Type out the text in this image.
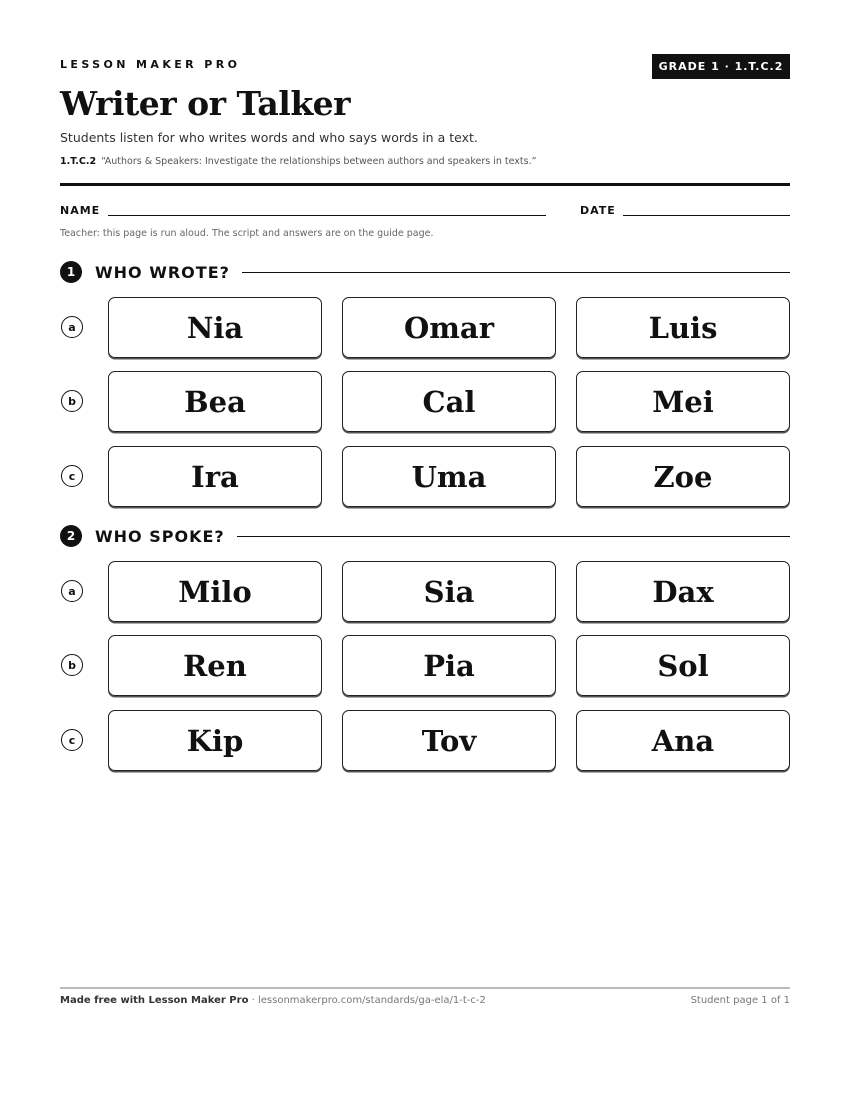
LESSON MAKER PRO	GRADE 1 · 1.T.C.2
Writer or Talker
Students listen for who writes words and who says words in a text.
1.T.C.2 “Authors & Speakers: Investigate the relationships between authors and speakers in texts.”
NAME	DATE
Teacher: this page is run aloud. The script and answers are on the guide page.
1	WHO WROTE?
a	Nia	Omar	Luis
b	Bea	Cal	Mei
c	Ira	Uma	Zoe
2	WHO SPOKE?
a	Milo	Sia	Dax
b	Ren	Pia	Sol
c	Kip	Tov	Ana
Made free with Lesson Maker Pro · lessonmakerpro.com/standards/ga-ela/1-t-c-2	Student page 1 of 1
